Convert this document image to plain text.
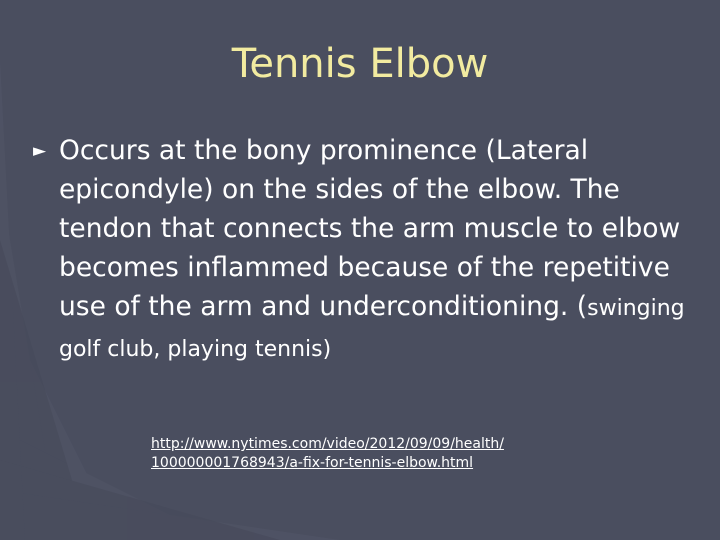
Tennis Elbow
► Occurs at the bony prominence (Lateral epicondyle) on the sides of the elbow. The tendon that connects the arm muscle to elbow becomes inflammed because of the repetitive use of the arm and underconditioning. (swinging golf club, playing tennis)
http://www.nytimes.com/video/2012/09/09/health/100000001768943/a-fix-for-tennis-elbow.html
